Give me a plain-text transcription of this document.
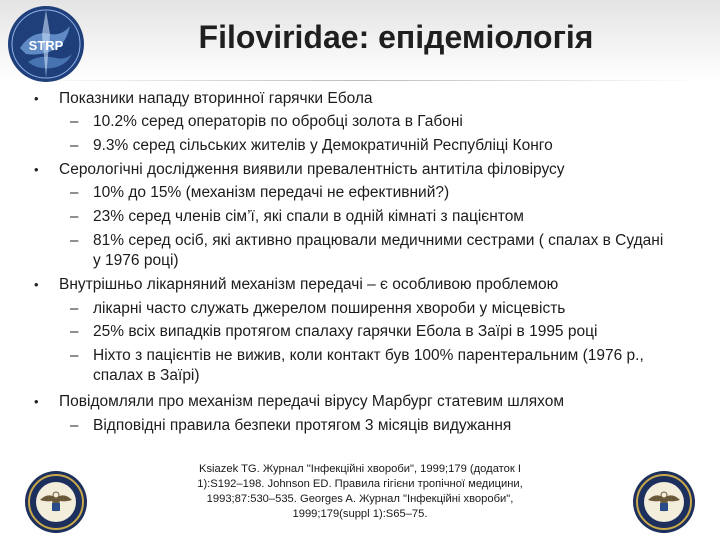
STRP	Filoviridae: епідеміологія
• Показники нападу вторинної гарячки Ебола
– 10.2% серед операторів по обробці золота в Габоні
– 9.3% серед сільських жителів у Демократичній Республіці Конго
• Серологічні дослідження виявили превалентність антитіла філовірусу
– 10% до 15% (механізм передачі не ефективний?)
– 23% серед членів сім’ї, які спали в одній кімнаті з пацієнтом
– 81% серед осіб, які активно працювали медичними сестрами ( спалах в Судані
у 1976 році)
• Внутрішньо лікарняний механізм передачі – є особливою проблемою
– лікарні часто служать джерелом поширення хвороби у місцевість
– 25% всіх випадків протягом спалаху гарячки Ебола в Заїрі в 1995 році
– Ніхто з пацієнтів не вижив, коли контакт був 100% парентеральним (1976 р.,
спалах в Заїрі)
• Повідомляли про механізм передачі вірусу Марбург статевим шляхом
– Відповідні правила безпеки протягом 3 місяців видужання
Ksiazek TG. Журнал "Інфекційні хвороби", 1999;179 (додаток I
1):S192–198. Johnson ED. Правила гігієни тропічної медицини,
1993;87:530–535. Georges A. Журнал "Інфекційні хвороби",
1999;179(suppl 1):S65–75.
